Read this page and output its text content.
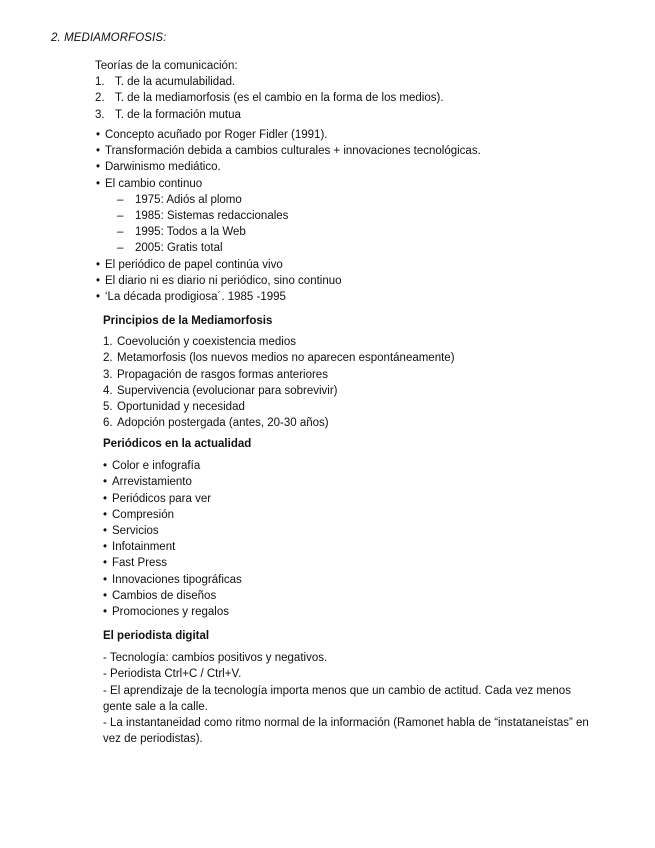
2. MEDIAMORFOSIS:

Teorías de la comunicación:

1. T. de la acumulabilidad.
2. T. de la mediamorfosis (es el cambio en la forma de los medios).
3. T. de la formación mutua
• Concepto acuñado por Roger Fidler (1991).
• Transformación debida a cambios culturales + innovaciones tecnológicas.
• Darwinismo mediático.
• El cambio continuo
–	1975: Adiós al plomo
–	1985: Sistemas redaccionales
–	1995: Todos a la Web
–	2005: Gratis total
• El periódico de papel continúa vivo
• El diario ni es diario ni periódico, sino continuo
• ‘La década prodigiosa´. 1985 -1995
Principios de la Mediamorfosis
1. Coevolución y coexistencia medios
2. Metamorfosis (los nuevos medios no aparecen espontáneamente)
3. Propagación de rasgos formas anteriores
4. Supervivencia (evolucionar para sobrevivir)
5. Oportunidad y necesidad
6. Adopción postergada (antes, 20-30 años)
Periódicos en la actualidad
• Color e infografía
• Arrevistamiento
• Periódicos para ver
• Compresión
• Servicios
• Infotainment
• Fast Press
• Innovaciones tipográficas
• Cambios de diseños
• Promociones y regalos
El periodista digital

- Tecnología: cambios positivos y negativos.

- Periodista Ctrl+C / Ctrl+V.

- El aprendizaje de la tecnología importa menos que un cambio de actitud. Cada vez menos gente sale a la calle.

- La instantaneidad como ritmo normal de la información (Ramonet habla de “instataneístas” en vez de periodistas).
